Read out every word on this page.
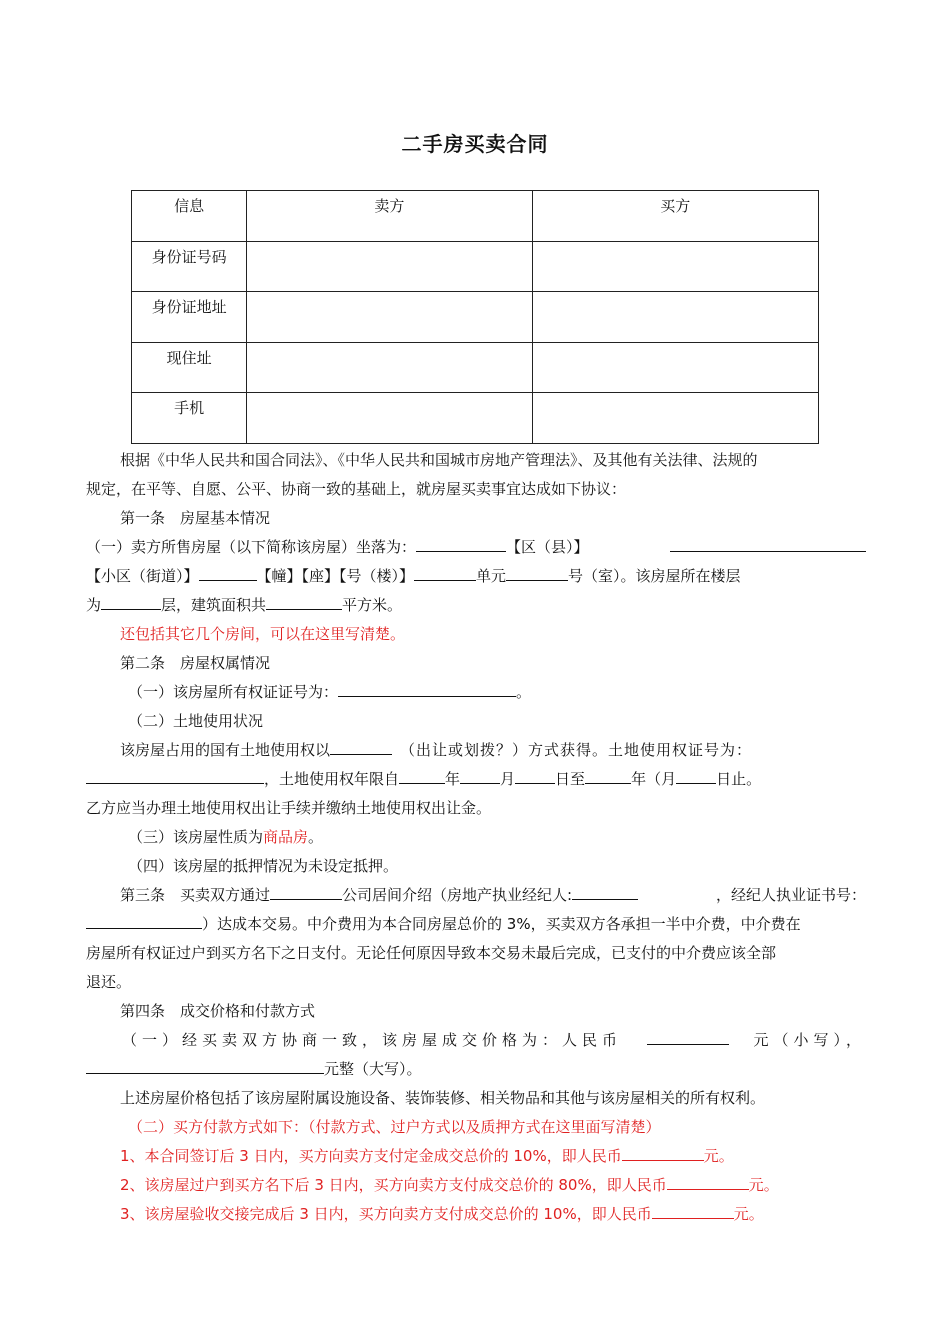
二手房买卖合同
信息	卖方	买方

身份证号码		

身份证地址		

现住址		

手机		

根据《中华人民共和国合同法》、《中华人民共和国城市房地产管理法》、及其他有关法律、法规的
规定，在平等、自愿、公平、协商一致的基础上，就房屋买卖事宜达成如下协议：
第一条　房屋基本情况
（一）卖方所售房屋（以下简称该房屋）坐落为：	【区（县）】
【小区（街道）】	【幢】【座】【号（楼）】	单元	号（室）。该房屋所在楼层
为	层，建筑面积共	平方米。
还包括其它几个房间，可以在这里写清楚。
第二条　房屋权属情况
（一）该房屋所有权证证号为：	。
（二）土地使用状况
该房屋占用的国有土地使用权以	（出让或划拨？）方式获得。土地使用权证号为：
，土地使用权年限自	年	月	日至	年（月	日止。
乙方应当办理土地使用权出让手续并缴纳土地使用权出让金。
（三）该房屋性质为商品房。
（四）该房屋的抵押情况为未设定抵押。
第三条　买卖双方通过	公司居间介绍（房地产执业经纪人:	，经纪人执业证书号：
）达成本交易。中介费用为本合同房屋总价的 3%，买卖双方各承担一半中介费，中介费在
房屋所有权证过户到买方名下之日支付。无论任何原因导致本交易未最后完成，已支付的中介费应该全部
退还。
第四条　成交价格和付款方式
（一）经买卖双方协商一致，该房屋成交价格为：人民币	元（小写），
元整（大写）。
上述房屋价格包括了该房屋附属设施设备、装饰装修、相关物品和其他与该房屋相关的所有权利。
（二）买方付款方式如下：（付款方式、过户方式以及质押方式在这里面写清楚）
1、本合同签订后 3 日内，买方向卖方支付定金成交总价的 10%，即人民币	元。
2、该房屋过户到买方名下后 3 日内，买方向卖方支付成交总价的 80%，即人民币	元。
3、该房屋验收交接完成后 3 日内，买方向卖方支付成交总价的 10%，即人民币	元。
